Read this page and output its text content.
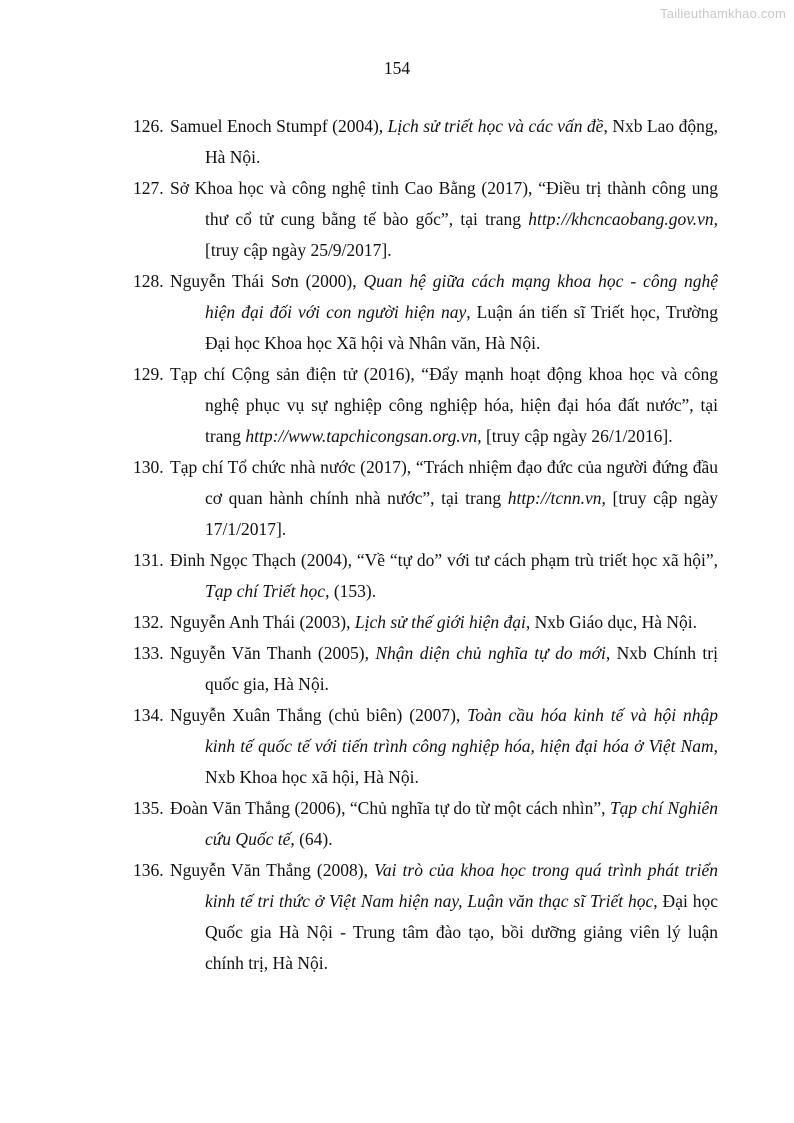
Tailieuthamkhao.com
154
126. Samuel Enoch Stumpf (2004), Lịch sử triết học và các vấn đề, Nxb Lao động, Hà Nội.
127. Sở Khoa học và công nghệ tỉnh Cao Bằng (2017), “Điều trị thành công ung thư cổ tử cung bằng tế bào gốc”, tại trang http://khcncaobang.gov.vn, [truy cập ngày 25/9/2017].
128. Nguyễn Thái Sơn (2000), Quan hệ giữa cách mạng khoa học - công nghệ hiện đại đối với con người hiện nay, Luận án tiến sĩ Triết học, Trường Đại học Khoa học Xã hội và Nhân văn, Hà Nội.
129. Tạp chí Cộng sản điện tử (2016), “Đẩy mạnh hoạt động khoa học và công nghệ phục vụ sự nghiệp công nghiệp hóa, hiện đại hóa đất nước”, tại trang http://www.tapchicongsan.org.vn, [truy cập ngày 26/1/2016].
130. Tạp chí Tổ chức nhà nước (2017), “Trách nhiệm đạo đức của người đứng đầu cơ quan hành chính nhà nước”, tại trang http://tcnn.vn, [truy cập ngày 17/1/2017].
131. Đinh Ngọc Thạch (2004), “Về “tự do” với tư cách phạm trù triết học xã hội”, Tạp chí Triết học, (153).
132. Nguyễn Anh Thái (2003), Lịch sử thế giới hiện đại, Nxb Giáo dục, Hà Nội.
133. Nguyễn Văn Thanh (2005), Nhận diện chủ nghĩa tự do mới, Nxb Chính trị quốc gia, Hà Nội.
134. Nguyễn Xuân Thắng (chủ biên) (2007), Toàn cầu hóa kinh tế và hội nhập kinh tế quốc tế với tiến trình công nghiệp hóa, hiện đại hóa ở Việt Nam, Nxb Khoa học xã hội, Hà Nội.
135. Đoàn Văn Thắng (2006), “Chủ nghĩa tự do từ một cách nhìn”, Tạp chí Nghiên cứu Quốc tế, (64).
136. Nguyễn Văn Thắng (2008), Vai trò của khoa học trong quá trình phát triển kinh tế tri thức ở Việt Nam hiện nay, Luận văn thạc sĩ Triết học, Đại học Quốc gia Hà Nội - Trung tâm đào tạo, bồi dưỡng giảng viên lý luận chính trị, Hà Nội.
